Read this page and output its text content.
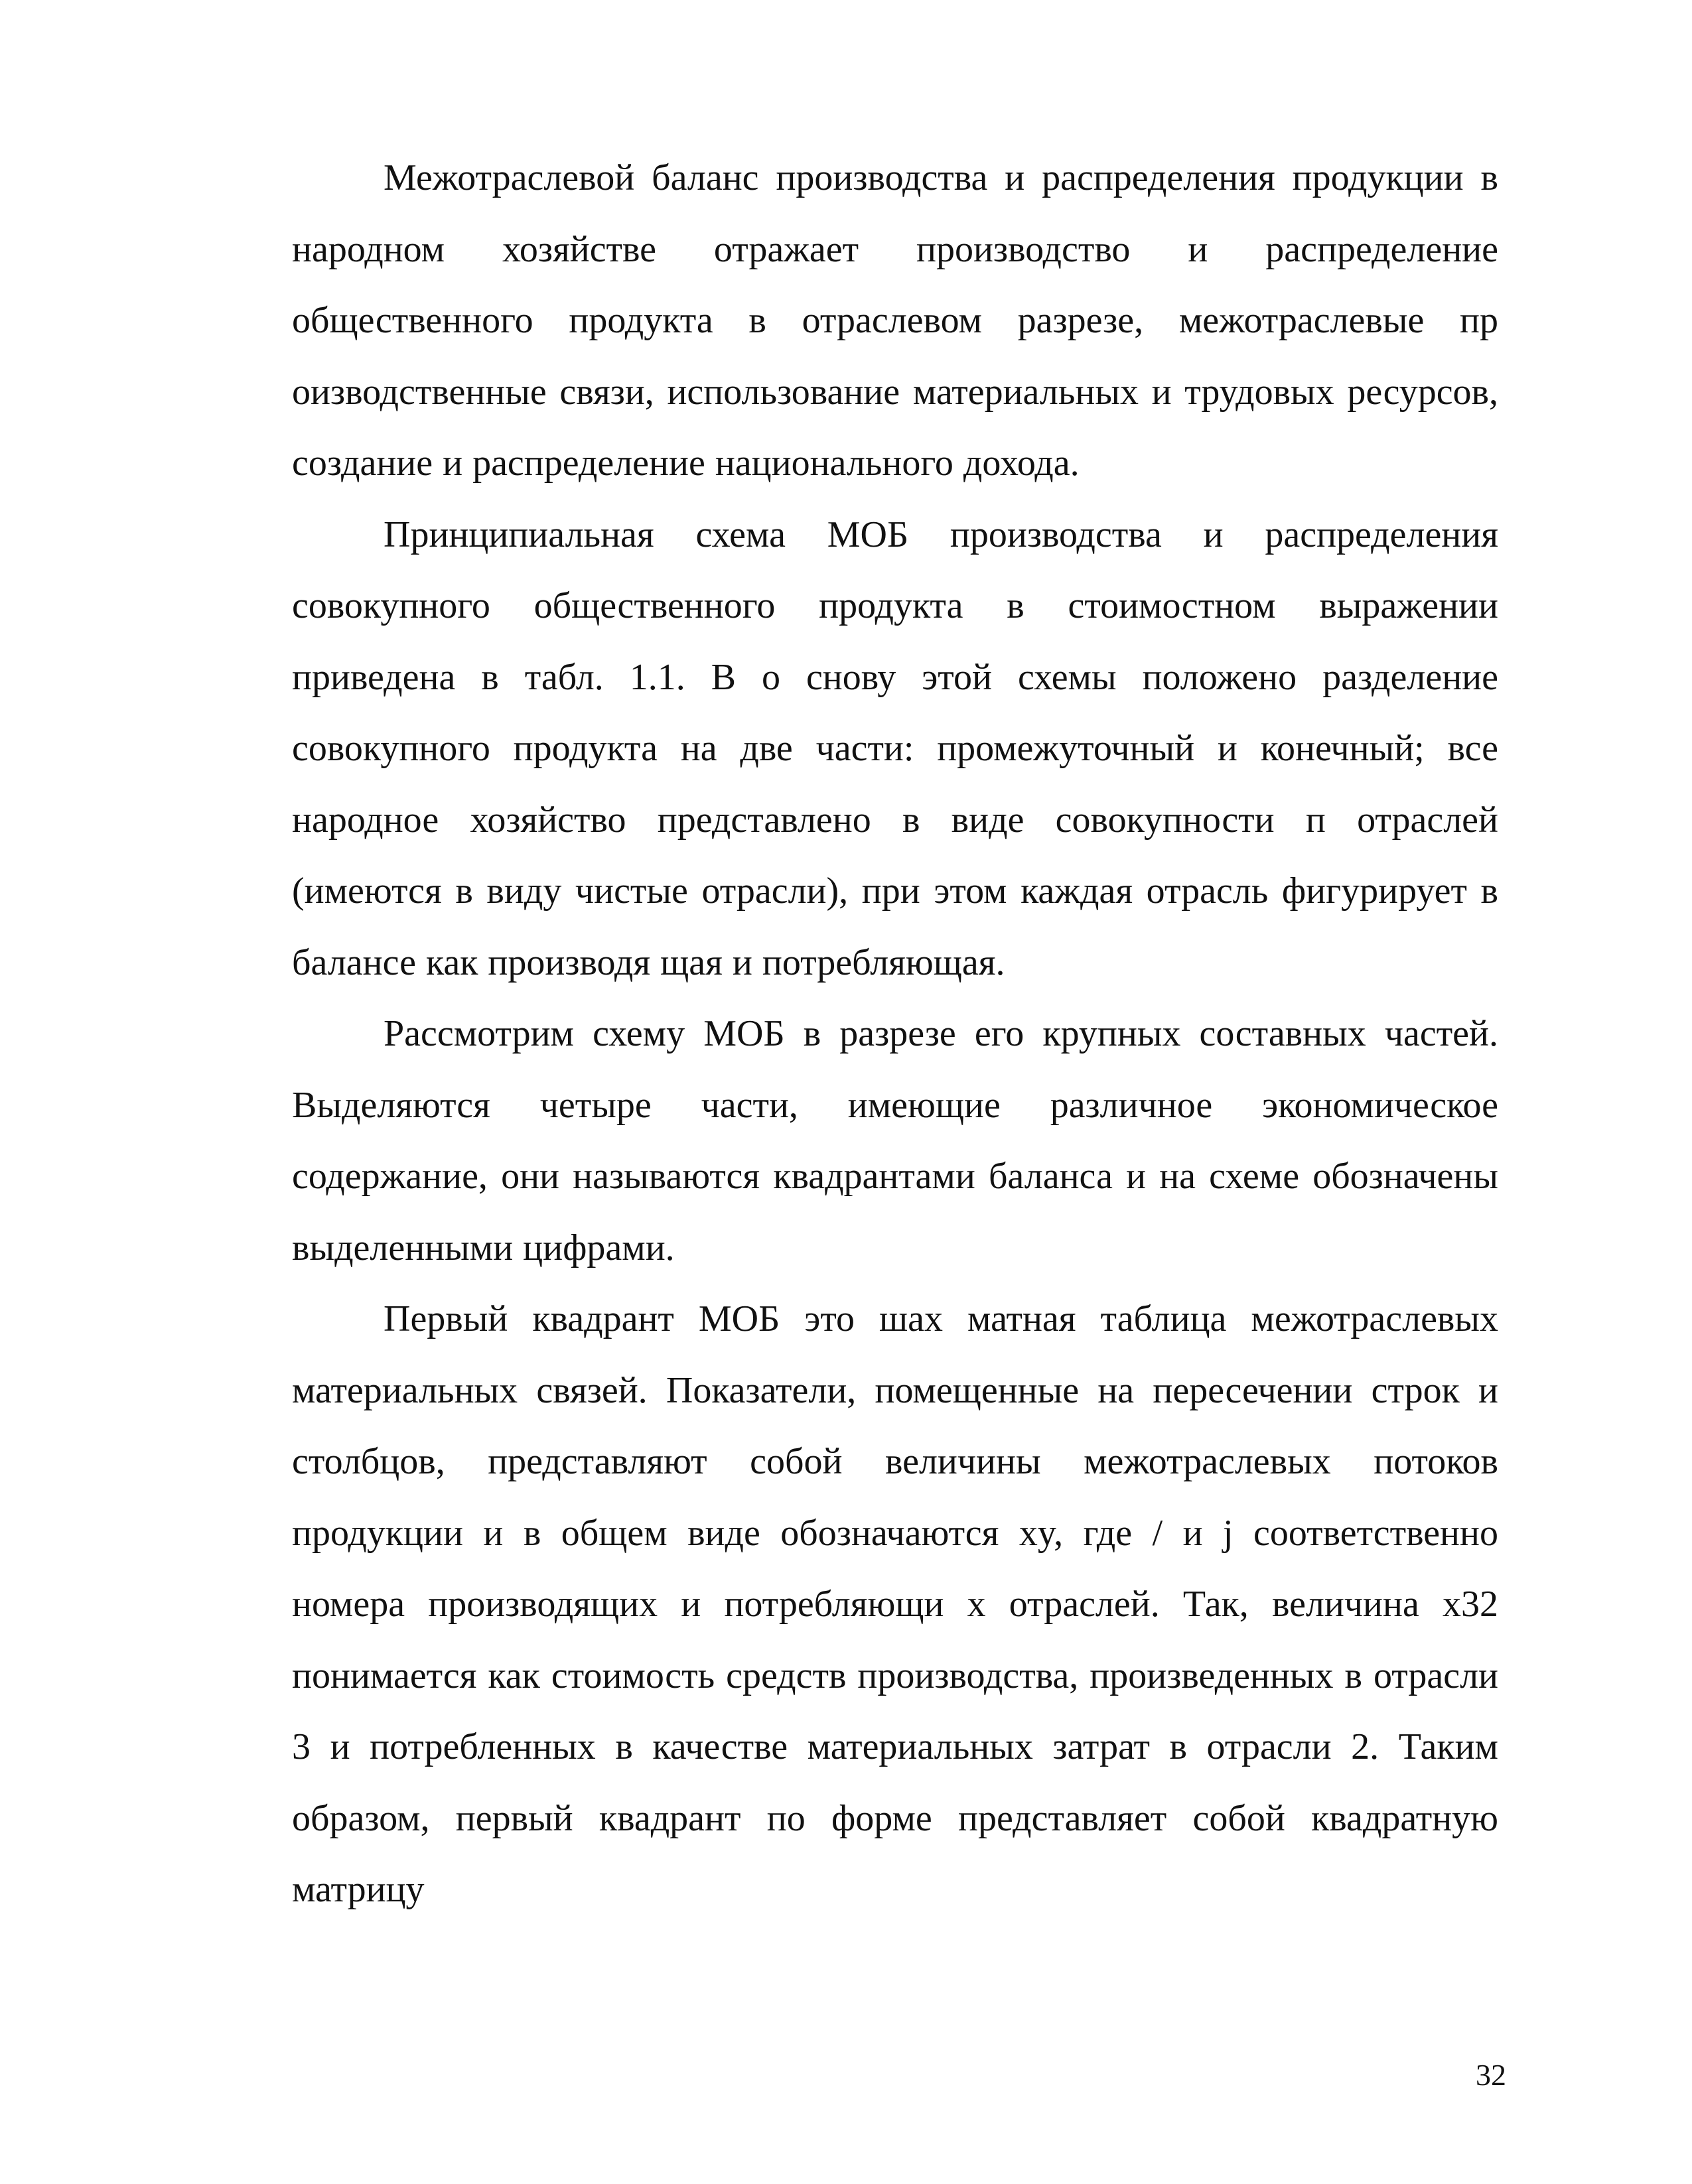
Межотраслевой баланс производства и распределения продукции в народном хозяйстве отражает производство и распределение общественного продукта в отраслевом разрезе, межотраслевые пр оизводственные связи, использование материальных и трудовых ресурсов, создание и распределение национального дохода.

Принципиальная схема МОБ производства и распределения совокупного общественного продукта в стоимостном выражении приведена в табл. 1.1. В о снову этой схемы положено разделение совокупного продукта на две части: промежуточный и конечный; все народное хозяйство представлено в виде совокупности п отраслей (имеются в виду чистые отрасли), при этом каждая отрасль фигурирует в балансе как производя щая и потребляющая.

Рассмотрим схему МОБ в разрезе его крупных составных частей. Выделяются четыре части, имеющие различное экономическое содержание, они называются квадрантами баланса и на схеме обозначены выделенными цифрами.

Первый квадрант МОБ это шах матная таблица межотраслевых материальных связей. Показатели, помещенные на пересечении строк и столбцов, представляют собой величины межотраслевых потоков продукции и в общем виде обозначаются xy, где / и j соответственно номера производящих и потребляющи х отраслей. Так, величина x32 понимается как стоимость средств производства, произведенных в отрасли 3 и потребленных в качестве материальных затрат в отрасли 2. Таким образом, первый квадрант по форме представляет собой квадратную матрицу

32
